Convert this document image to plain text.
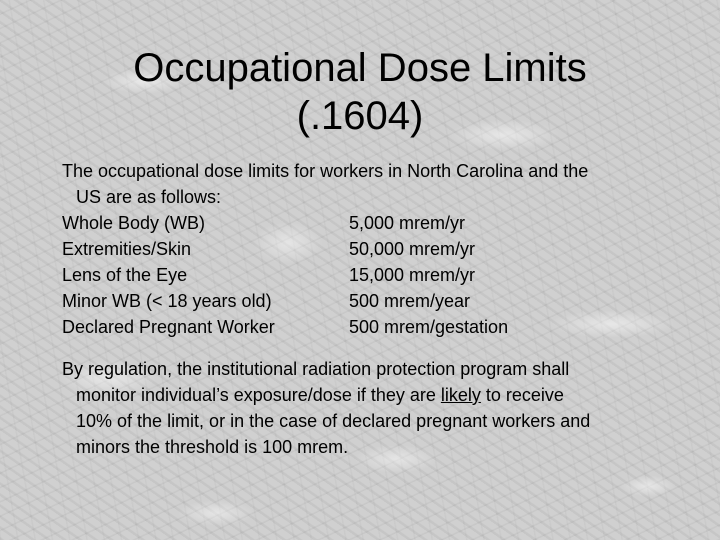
Occupational Dose Limits
(.1604)

The occupational dose limits for workers in North Carolina and the
US are as follows:

Whole Body (WB)	5,000 mrem/yr
Extremities/Skin	50,000 mrem/yr
Lens of the Eye	15,000 mrem/yr
Minor WB (< 18 years old)	500 mrem/year
Declared Pregnant Worker	500 mrem/gestation

By regulation, the institutional radiation protection program shall
monitor individual’s exposure/dose if they are likely to receive
10% of the limit, or in the case of declared pregnant workers and
minors the threshold is 100 mrem.
